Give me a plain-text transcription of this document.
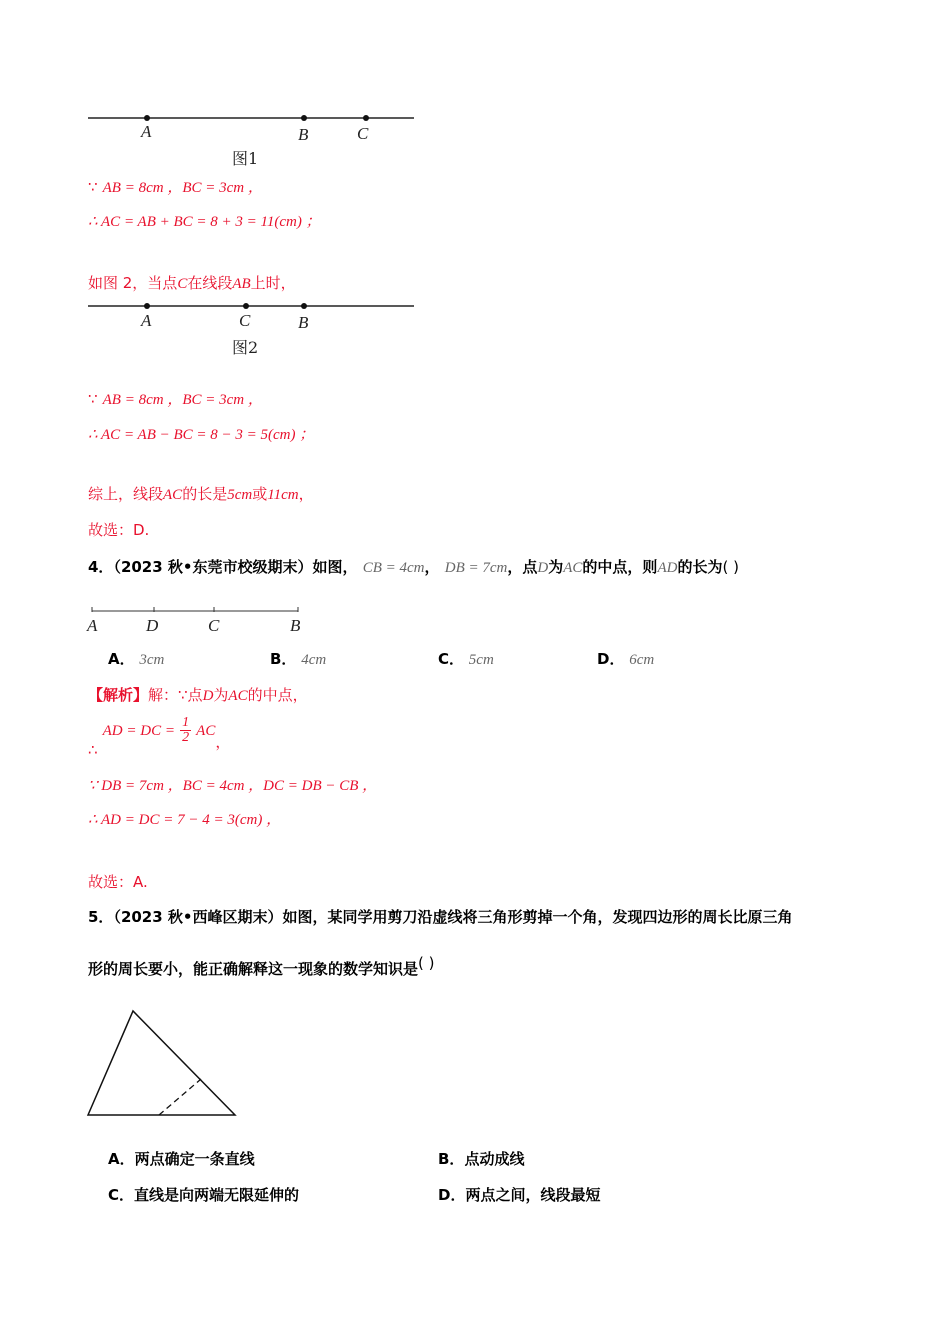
A	B	C
图1
∵ AB = 8cm ，BC = 3cm ，
∴ AC = AB + BC = 8 + 3 = 11(cm) ；
如图 2，当点C在线段AB上时，
A	C	B
图2
∵ AB = 8cm ，BC = 3cm ，
∴ AC = AB − BC = 8 − 3 = 5(cm) ；
综上，线段AC的长是5cm或11cm，
故选：D.
4．（2023 秋•东莞市校级期末）如图， CB = 4cm， DB = 7cm，点D为AC的中点，则AD的长为( )
A	D	C	B
A． 3cm	B． 4cm	C． 5cm	D． 6cm
【解析】解：∵点D为AC的中点，
∴ AD = DC = $\frac{1}{2}$ AC，
∵ DB = 7cm ，BC = 4cm ，DC = DB − CB ，
∴ AD = DC = 7 − 4 = 3(cm) ，
故选：A.
5．（2023 秋•西峰区期末）如图，某同学用剪刀沿虚线将三角形剪掉一个角，发现四边形的周长比原三角
形的周长要小，能正确解释这一现象的数学知识是( )
A．两点确定一条直线	B．点动成线
C．直线是向两端无限延伸的	D．两点之间，线段最短
